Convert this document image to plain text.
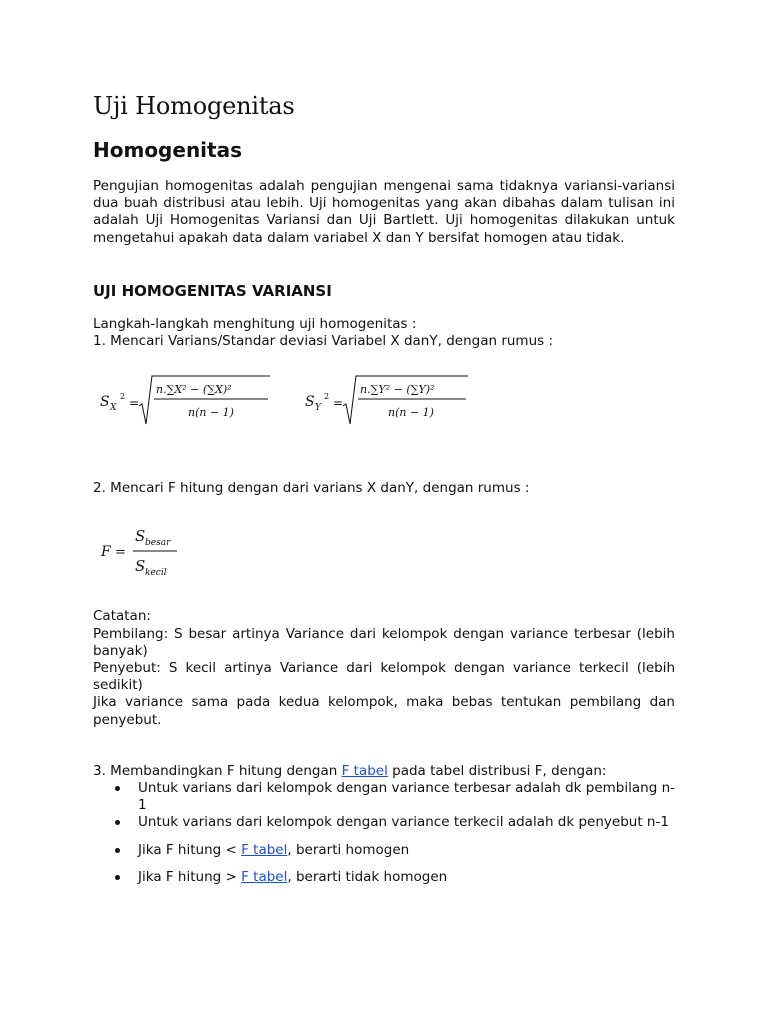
Uji Homogenitas
Homogenitas

Pengujian homogenitas adalah pengujian mengenai sama tidaknya variansi-variansi dua buah distribusi atau lebih. Uji homogenitas yang akan dibahas dalam tulisan ini adalah Uji Homogenitas Variansi dan Uji Bartlett. Uji homogenitas dilakukan untuk mengetahui apakah data dalam variabel X dan Y bersifat homogen atau tidak.

UJI HOMOGENITAS VARIANSI
Langkah-langkah menghitung uji homogenitas :
1. Mencari Varians/Standar deviasi Variabel X danY, dengan rumus :
S X
2 =
n.∑X² − (∑X)²
n(n − 1)
S Y
2 =
n.∑Y² − (∑Y)²
n(n − 1)
2. Mencari F hitung dengan dari varians X danY, dengan rumus :
F =
S besar
S kecil
Catatan:

Pembilang: S besar artinya Variance dari kelompok dengan variance terbesar (lebih banyak)

Penyebut: S kecil artinya Variance dari kelompok dengan variance terkecil (lebih sedikit)

Jika variance sama pada kedua kelompok, maka bebas tentukan pembilang dan penyebut.

3. Membandingkan F hitung dengan F tabel pada tabel distribusi F, dengan:

Untuk varians dari kelompok dengan variance terbesar adalah dk pembilang n-1
Untuk varians dari kelompok dengan variance terkecil adalah dk penyebut n-1
Jika F hitung < F tabel, berarti homogen
Jika F hitung > F tabel, berarti tidak homogen
